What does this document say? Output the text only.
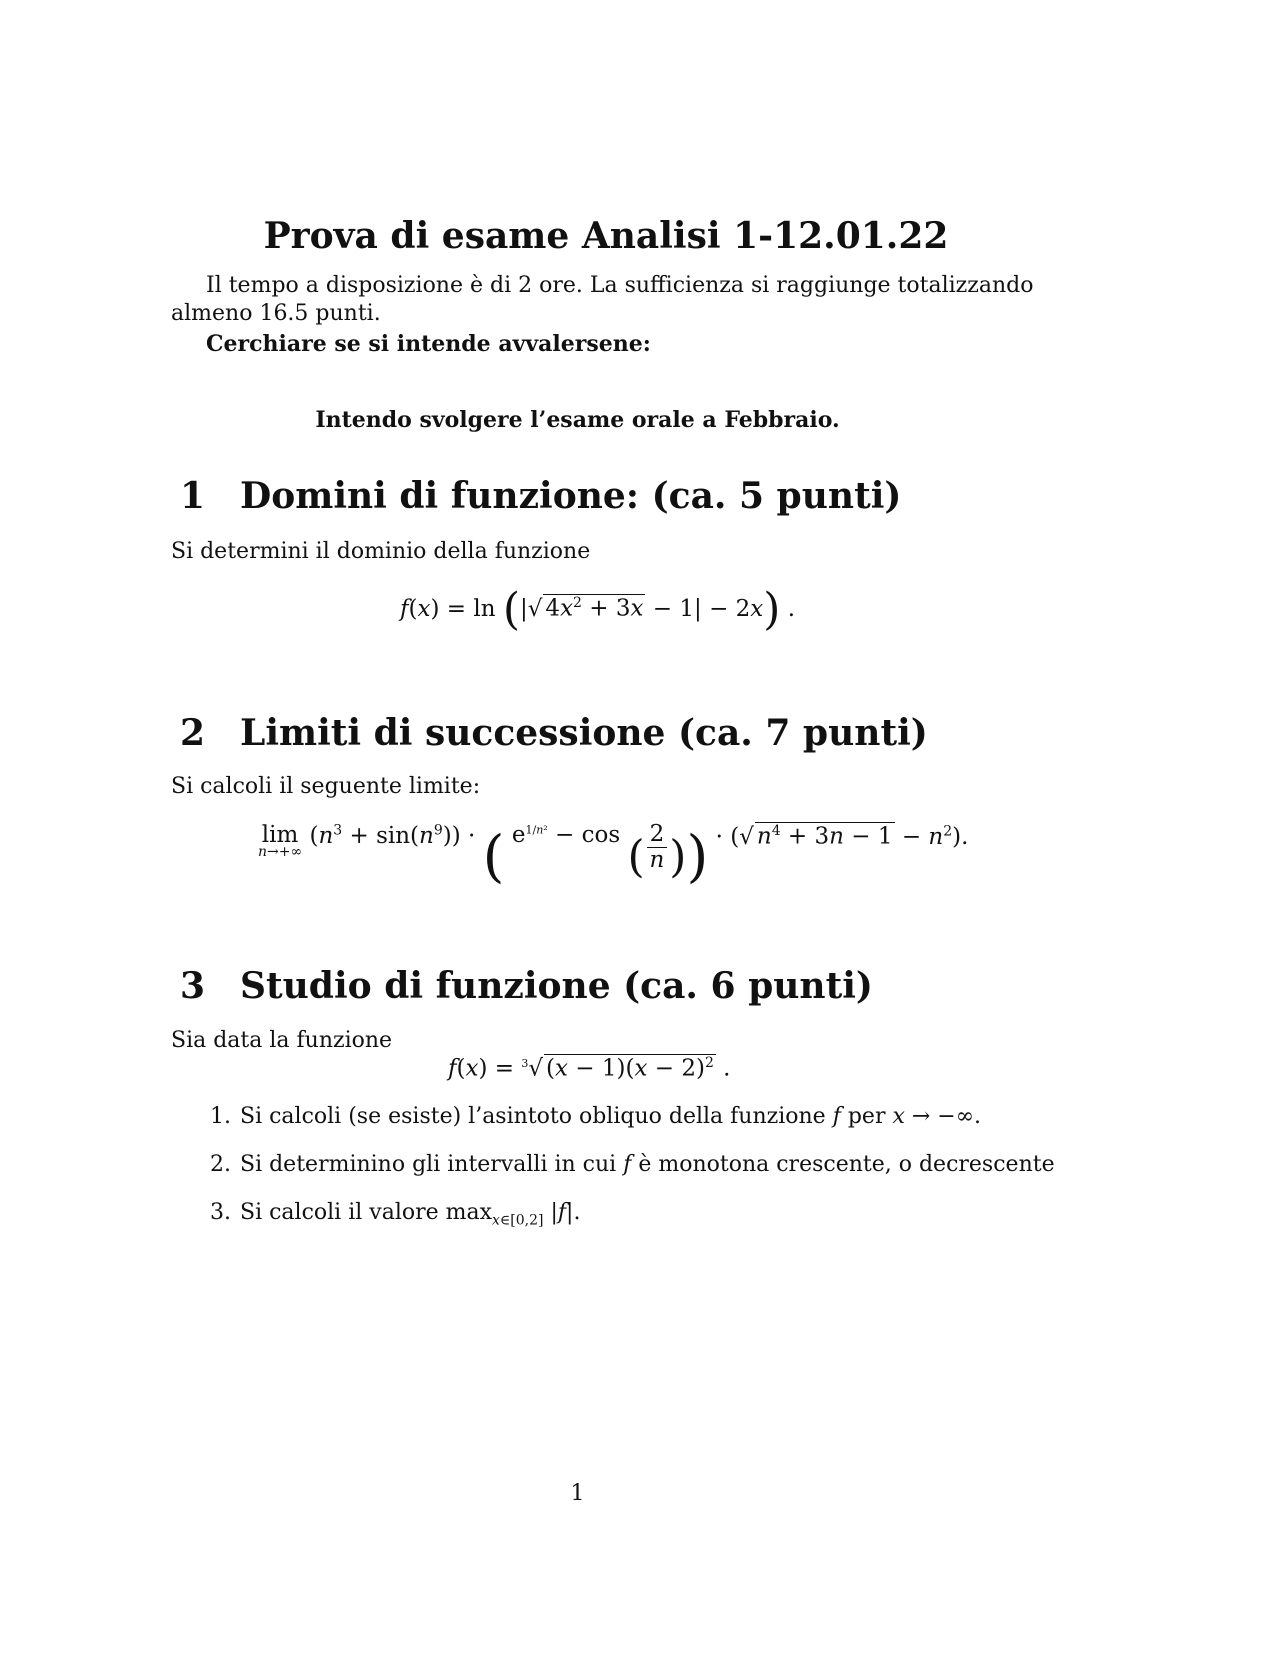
Prova di esame Analisi 1-12.01.22
Il tempo a disposizione è di 2 ore. La sufficienza si raggiunge totalizzando
almeno 16.5 punti.
Cerchiare se si intende avvalersene:
Intendo svolgere l’esame orale a Febbraio.
1 Domini di funzione: (ca. 5 punti)
Si determini il dominio della funzione
f(x) = ln (|√ $4x^2 + 3x - 1| - 2x$) .
2 Limiti di successione (ca. 7 punti)
Si calcoli il seguente limite:
lim
n→+∞
$(n^3 + \sin(n^9))$ · ( $e^{1/n^2} - \cos$ ( $\frac{2}{n}$ )) · (√ $n^4 + 3n - 1 - n^2$).
3 Studio di funzione (ca. 6 punti)
Sia data la funzione
f(x) = $^3$√ $(x - 1)(x - 2)^2$ .
1. Si calcoli (se esiste) l’asintoto obliquo della funzione f per x → −∞.
2. Si determinino gli intervalli in cui f è monotona crescente, o decrescente
3. Si calcoli il valore $\max_{x\in[0,2]} |f|$.
1
